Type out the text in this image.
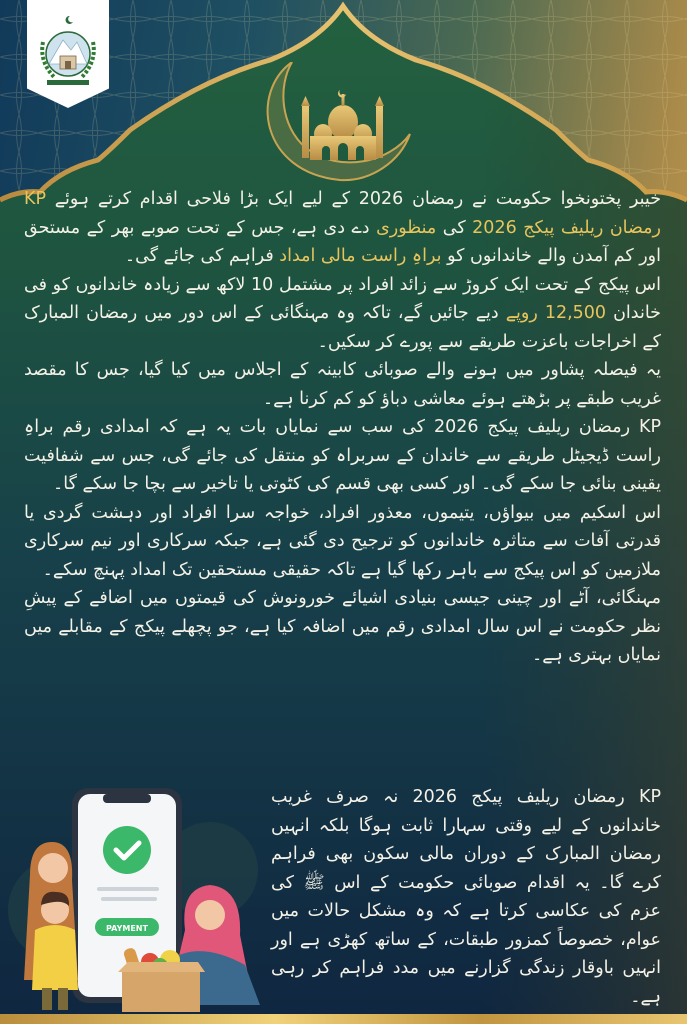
خیبر پختونخوا حکومت نے رمضان 2026 کے لیے ایک بڑا فلاحی اقدام کرتے ہوئے KP رمضان ریلیف پیکج 2026 کی منظوری دے دی ہے، جس کے تحت صوبے بھر کے مستحق اور کم آمدن والے خاندانوں کو براہِ راست مالی امداد فراہم کی جائے گی۔

اس پیکج کے تحت ایک کروڑ سے زائد افراد پر مشتمل 10 لاکھ سے زیادہ خاندانوں کو فی خاندان 12,500 روپے دیے جائیں گے، تاکہ وہ مہنگائی کے اس دور میں رمضان المبارک کے اخراجات باعزت طریقے سے پورے کر سکیں۔

یہ فیصلہ پشاور میں ہونے والے صوبائی کابینہ کے اجلاس میں کیا گیا، جس کا مقصد غریب طبقے پر بڑھتے ہوئے معاشی دباؤ کو کم کرنا ہے۔

KP رمضان ریلیف پیکج 2026 کی سب سے نمایاں بات یہ ہے کہ امدادی رقم براہِ راست ڈیجیٹل طریقے سے خاندان کے سربراہ کو منتقل کی جائے گی، جس سے شفافیت یقینی بنائی جا سکے گی۔ اور کسی بھی قسم کی کٹوتی یا تاخیر سے بچا جا سکے گا۔

اس اسکیم میں بیواؤں، یتیموں، معذور افراد، خواجہ سرا افراد اور دہشت گردی یا قدرتی آفات سے متاثرہ خاندانوں کو ترجیح دی گئی ہے، جبکہ سرکاری اور نیم سرکاری ملازمین کو اس پیکج سے باہر رکھا گیا ہے تاکہ حقیقی مستحقین تک امداد پہنچ سکے۔

مہنگائی، آٹے اور چینی جیسی بنیادی اشیائے خورونوش کی قیمتوں میں اضافے کے پیشِ نظر حکومت نے اس سال امدادی رقم میں اضافہ کیا ہے، جو پچھلے پیکج کے مقابلے میں نمایاں بہتری ہے۔

KP رمضان ریلیف پیکج 2026 نہ صرف غریب خاندانوں کے لیے وقتی سہارا ثابت ہوگا بلکہ انہیں رمضان المبارک کے دوران مالی سکون بھی فراہم کرے گا۔ یہ اقدام صوبائی حکومت کے اس ﷺ کی عزم کی عکاسی کرتا ہے کہ وہ مشکل حالات میں عوام، خصوصاً کمزور طبقات، کے ساتھ کھڑی ہے اور انہیں باوقار زندگی گزارنے میں مدد فراہم کر رہی ہے۔

PAYMENT
